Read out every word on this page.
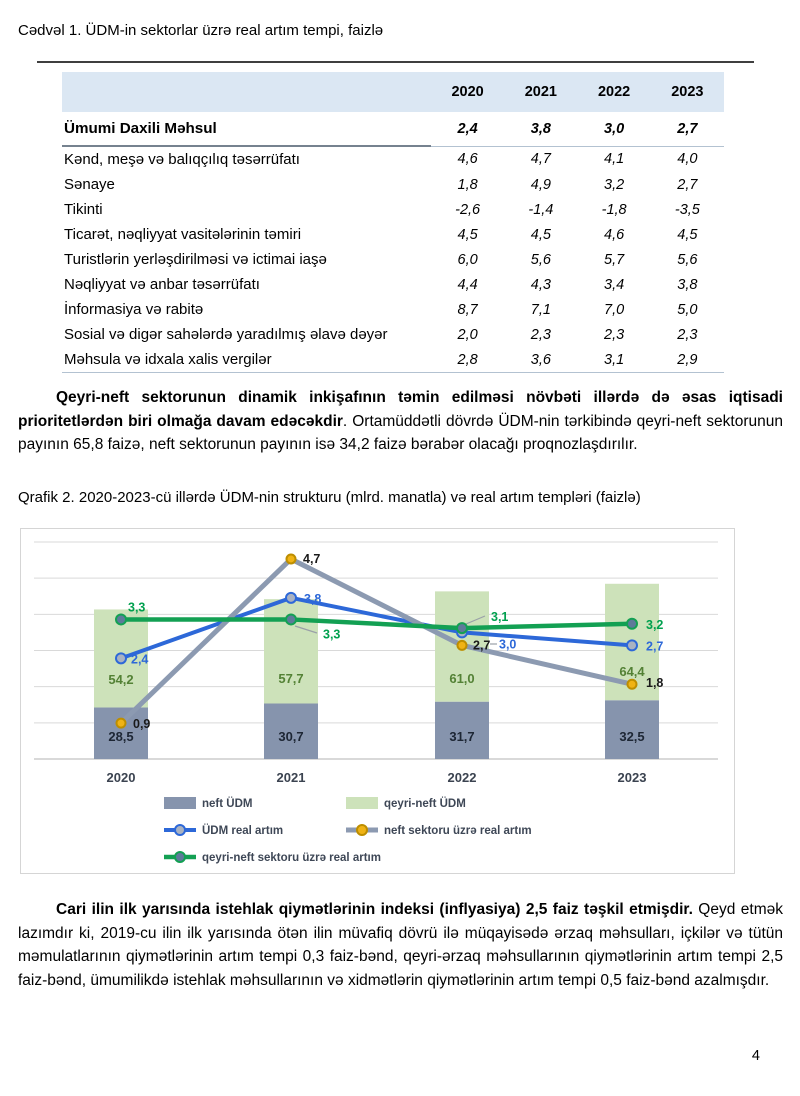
Cədvəl 1. ÜDM-in sektorlar üzrə real artım tempi, faizlə
	2020	2021	2022	2023
Ümumi Daxili Məhsul	2,4	3,8	3,0	2,7
Kənd, meşə və balıqçılıq təsərrüfatı	4,6	4,7	4,1	4,0
Sənaye	1,8	4,9	3,2	2,7
Tikinti	-2,6	-1,4	-1,8	-3,5
Ticarət, nəqliyyat vasitələrinin təmiri	4,5	4,5	4,6	4,5
Turistlərin yerləşdirilməsi və ictimai iaşə	6,0	5,6	5,7	5,6
Nəqliyyat və anbar təsərrüfatı	4,4	4,3	3,4	3,8
İnformasiya və rabitə	8,7	7,1	7,0	5,0
Sosial və digər sahələrdə yaradılmış əlavə dəyər	2,0	2,3	2,3	2,3
Məhsula və idxala xalis vergilər	2,8	3,6	3,1	2,9

Qeyri-neft sektorunun dinamik inkişafının təmin edilməsi növbəti illərdə də əsas iqtisadi prioritetlərdən biri olmağa davam edəcəkdir. Ortamüddətli dövrdə ÜDM-nin tərkibində qeyri-neft sektorunun payının 65,8 faizə, neft sektorunun payının isə 34,2 faizə bərabər olacağı proqnozlaşdırılır.

Qrafik 2. 2020-2023-cü illərdə ÜDM-nin strukturu (mlrd. manatla) və real artım templəri (faizlə)
2,4
3,8
3,0	2,7
0,9
4,7
2,7
1,8
3,3
3,3
3,1
3,2
28,5
54,2
30,7
57,7
31,7
61,0
32,5
64,4
2020	2021	2022	2023
neft ÜDM	qeyri-neft ÜDM
ÜDM real artım	neft sektoru üzrə real artım
qeyri-neft sektoru üzrə real artım

Cari ilin ilk yarısında istehlak qiymətlərinin indeksi (inflyasiya) 2,5 faiz təşkil etmişdir. Qeyd etmək lazımdır ki, 2019-cu ilin ilk yarısında ötən ilin müvafiq dövrü ilə müqayisədə ərzaq məhsulları, içkilər və tütün məmulatlarının qiymətlərinin artım tempi 0,3 faiz-bənd, qeyri-ərzaq məhsullarının qiymətlərinin artım tempi 2,5 faiz-bənd, ümumilikdə istehlak məhsullarının və xidmətlərin qiymətlərinin artım tempi 0,5 faiz-bənd azalmışdır.

4
